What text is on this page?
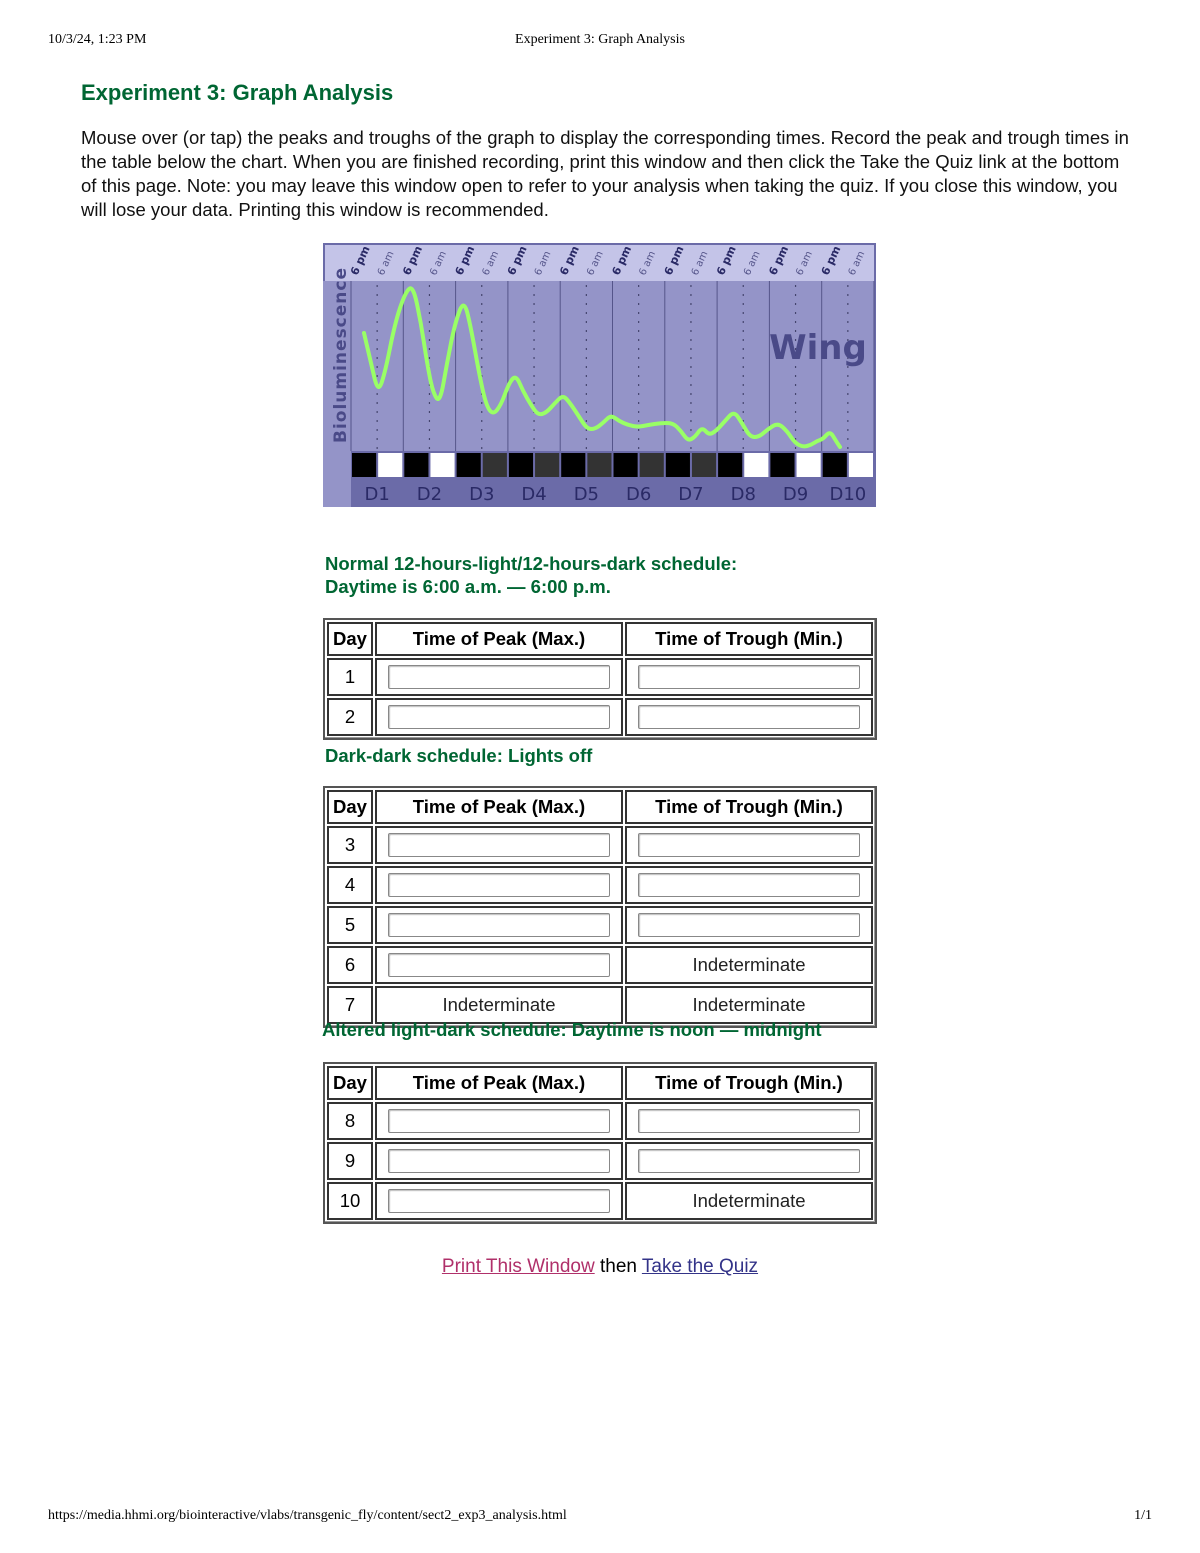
10/3/24, 1:23 PM	Experiment 3: Graph Analysis
Experiment 3: Graph Analysis

Mouse over (or tap) the peaks and troughs of the graph to display the corresponding times. Record the peak and trough times in the table below the chart. When you are finished recording, print this window and then click the Take the Quiz link at the bottom of this page. Note: you may leave this window open to refer to your analysis when taking the quiz. If you close this window, you will lose your data. Printing this window is recommended.

6 pm 6 am 6 pm 6 am 6 pm 6 am 6 pm 6 am 6 pm 6 am 6 pm 6 am 6 pm 6 am 6 pm 6 am 6 pm 6 am 6 pm 6 am
D1 D2 D3 D4 D5 D6 D7 D8 D9 D10
Bioluminescence	Wing
Normal 12-hours-light/12-hours-dark schedule:
Daytime is 6:00 a.m. — 6:00 p.m.
Day	Time of Peak (Max.)	Time of Trough (Min.)
1	

2	

Dark-dark schedule: Lights off
Day	Time of Peak (Max.)	Time of Trough (Min.)
3	

4	

5	

6		Indeterminate
7	Indeterminate	Indeterminate
Altered light-dark schedule: Daytime is noon — midnight
Day	Time of Peak (Max.)	Time of Trough (Min.)
8	

9	

10		Indeterminate
Print This Window then Take the Quiz
https://media.hhmi.org/biointeractive/vlabs/transgenic_fly/content/sect2_exp3_analysis.html	1/1
